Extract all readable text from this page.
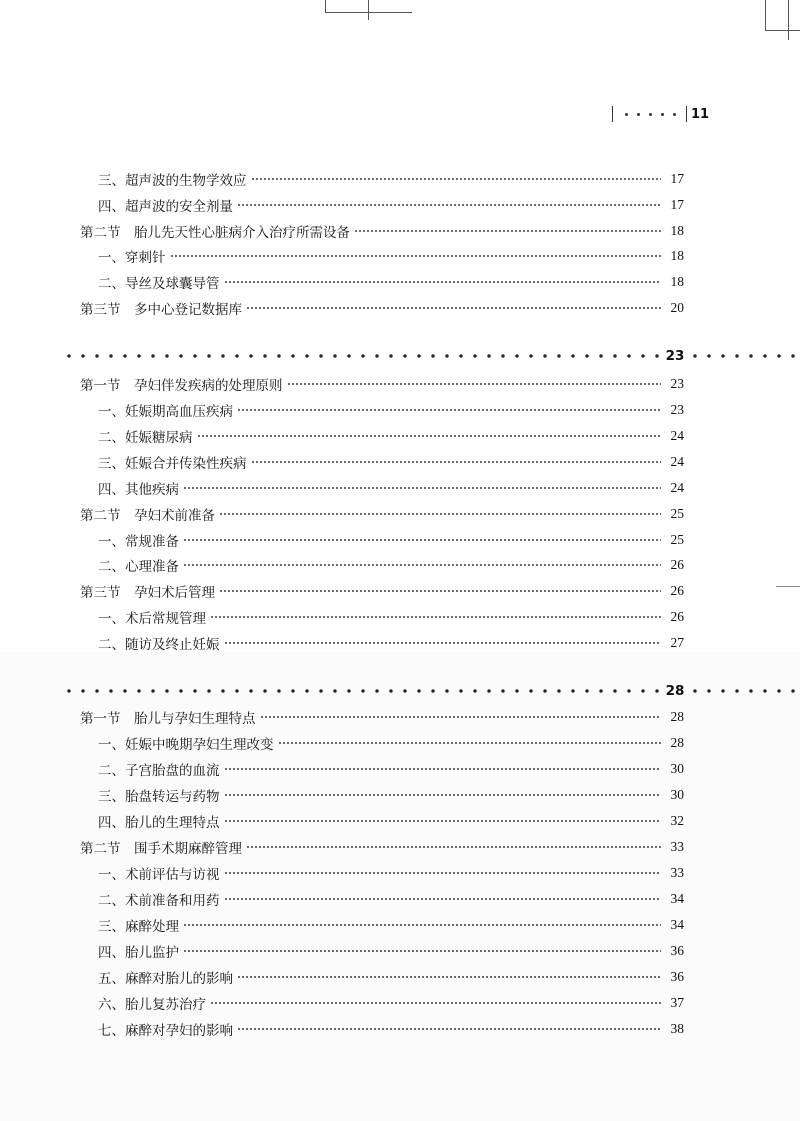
11
三、超声波的生物学效应	17
四、超声波的安全剂量	17
第二节　胎儿先天性心脏病介入治疗所需设备	18
一、穿刺针	18
二、导丝及球囊导管	18
第三节　多中心登记数据库	20
23
第一节　孕妇伴发疾病的处理原则	23
一、妊娠期高血压疾病	23
二、妊娠糖尿病	24
三、妊娠合并传染性疾病	24
四、其他疾病	24
第二节　孕妇术前准备	25
一、常规准备	25
二、心理准备	26
第三节　孕妇术后管理	26
一、术后常规管理	26
二、随访及终止妊娠	27
28
第一节　胎儿与孕妇生理特点	28
一、妊娠中晚期孕妇生理改变	28
二、子宫胎盘的血流	30
三、胎盘转运与药物	30
四、胎儿的生理特点	32
第二节　围手术期麻醉管理	33
一、术前评估与访视	33
二、术前准备和用药	34
三、麻醉处理	34
四、胎儿监护	36
五、麻醉对胎儿的影响	36
六、胎儿复苏治疗	37
七、麻醉对孕妇的影响	38
